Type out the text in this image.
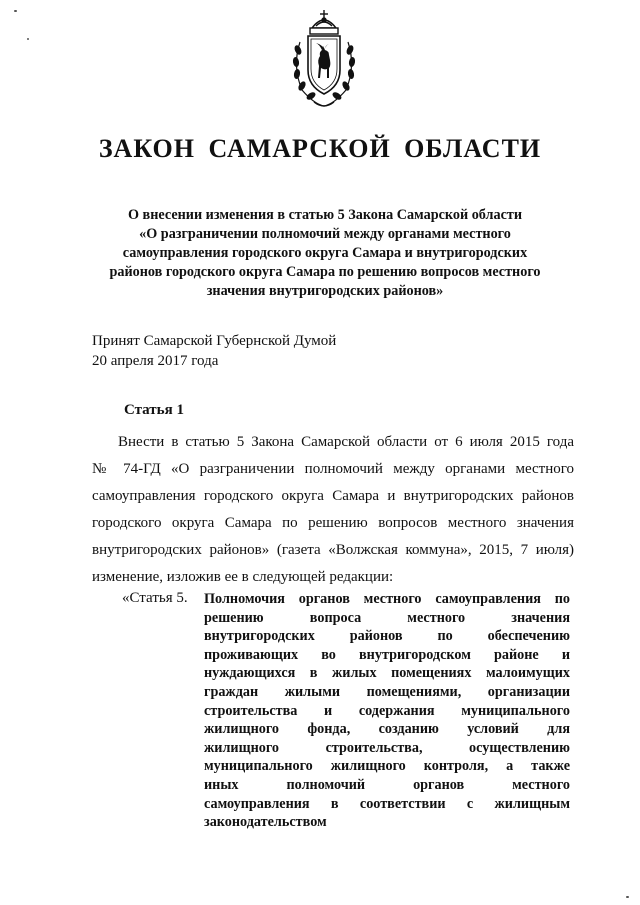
ЗАКОН САМАРСКОЙ ОБЛАСТИ
О внесении изменения в статью 5 Закона Самарской области
«О разграничении полномочий между органами местного
самоуправления городского округа Самара и внутригородских
районов городского округа Самара по решению вопросов местного
значения внутригородских районов»
Принят Самарской Губернской Думой
20 апреля 2017 года
Статья 1
Внести в статью 5 Закона Самарской области от 6 июля 2015 года
№ 74-ГД «О разграничении полномочий между органами местного
самоуправления городского округа Самара и внутригородских районов
городского округа Самара по решению вопросов местного значения
внутригородских районов» (газета «Волжская коммуна», 2015, 7 июля)
изменение, изложив ее в следующей редакции:
«Статья 5. Полномочия органов местного самоуправления по
решению вопроса местного значения
внутригородских районов по обеспечению
проживающих во внутригородском районе и
нуждающихся в жилых помещениях малоимущих
граждан жилыми помещениями, организации
строительства и содержания муниципального
жилищного фонда, созданию условий для
жилищного строительства, осуществлению
муниципального жилищного контроля, а также
иных полномочий органов местного
самоуправления в соответствии с жилищным
законодательством
